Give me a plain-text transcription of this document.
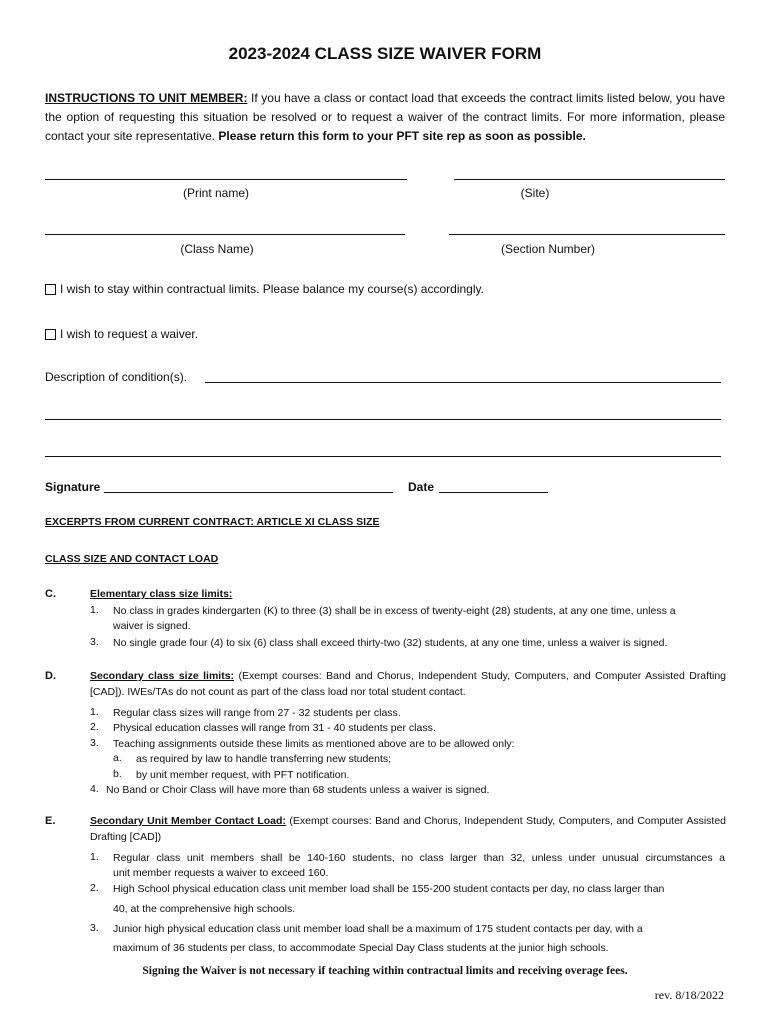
2023-2024 CLASS SIZE WAIVER FORM
INSTRUCTIONS TO UNIT MEMBER: If you have a class or contact load that exceeds the contract limits listed below, you have the option of requesting this situation be resolved or to request a waiver of the contract limits. For more information, please contact your site representative. Please return this form to your PFT site rep as soon as possible.
(Print name)	(Site)
(Class Name)	(Section Number)
I wish to stay within contractual limits. Please balance my course(s) accordingly.
I wish to request a waiver.
Description of condition(s).
Signature	Date
EXCERPTS FROM CURRENT CONTRACT: ARTICLE XI CLASS SIZE
CLASS SIZE AND CONTACT LOAD
C.	Elementary class size limits:
1. No class in grades kindergarten (K) to three (3) shall be in excess of twenty-eight (28) students, at any one time, unless a
waiver is signed.
3. No single grade four (4) to six (6) class shall exceed thirty-two (32) students, at any one time, unless a waiver is signed.
D.	Secondary class size limits: (Exempt courses: Band and Chorus, Independent Study, Computers, and Computer Assisted Drafting [CAD]). IWEs/TAs do not count as part of the class load nor total student contact.
1. Regular class sizes will range from 27 - 32 students per class.
2. Physical education classes will range from 31 - 40 students per class.
3. Teaching assignments outside these limits as mentioned above are to be allowed only:
a. as required by law to handle transferring new students;
b. by unit member request, with PFT notification.
4. No Band or Choir Class will have more than 68 students unless a waiver is signed.
E.	Secondary Unit Member Contact Load: (Exempt courses: Band and Chorus, Independent Study, Computers, and Computer Assisted Drafting [CAD])
1. Regular class unit members shall be 140-160 students, no class larger than 32, unless under unusual circumstances a
unit member requests a waiver to exceed 160.
2. High School physical education class unit member load shall be 155-200 student contacts per day, no class larger than
40, at the comprehensive high schools.
3. Junior high physical education class unit member load shall be a maximum of 175 student contacts per day, with a
maximum of 36 students per class, to accommodate Special Day Class students at the junior high schools.
Signing the Waiver is not necessary if teaching within contractual limits and receiving overage fees.
rev. 8/18/2022
